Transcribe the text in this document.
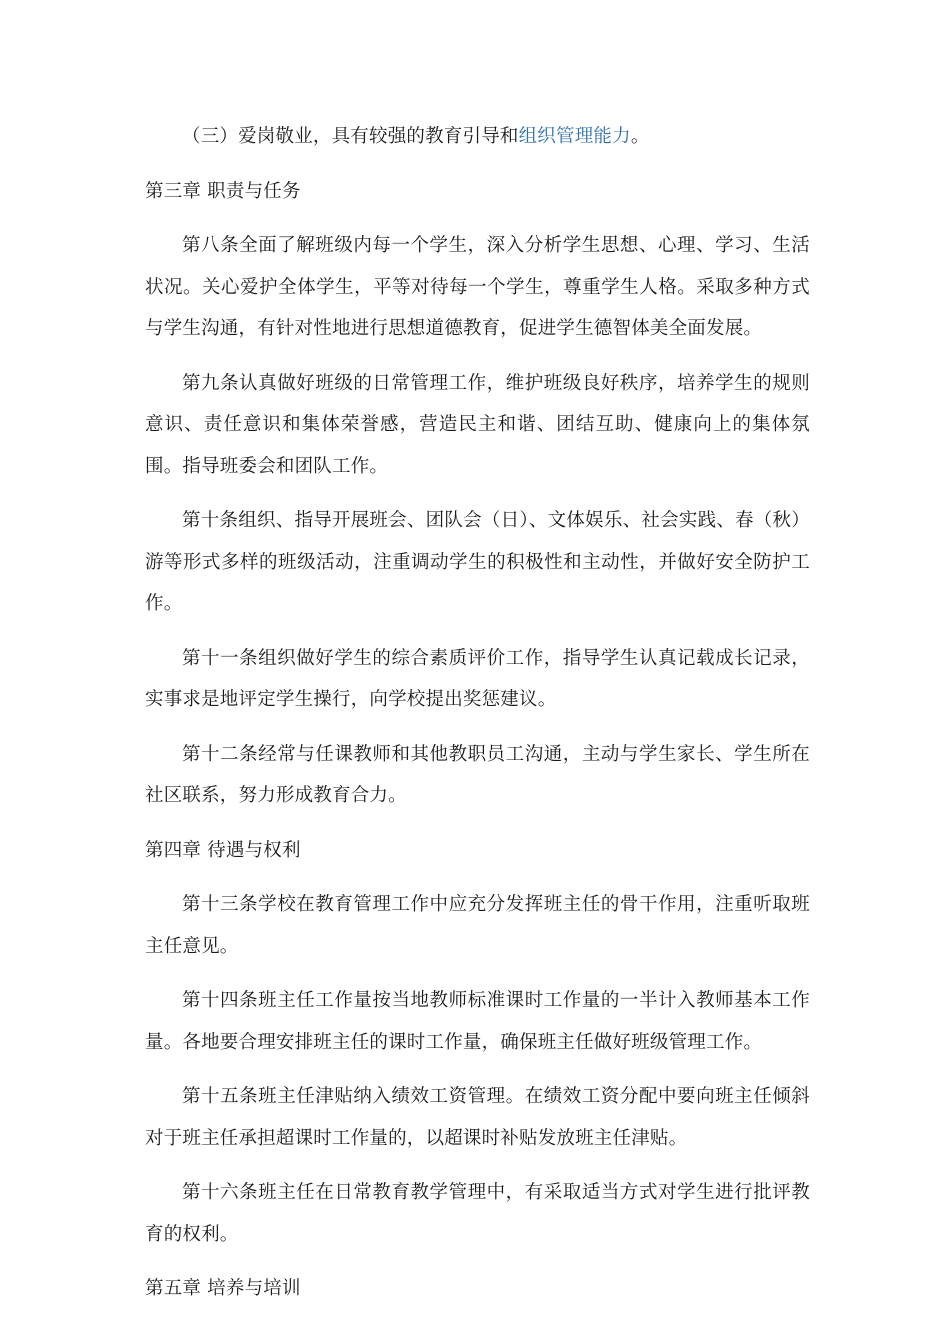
（三）爱岗敬业，具有较强的教育引导和组织管理能力。

第三章 职责与任务

第八条全面了解班级内每一个学生，深入分析学生思想、心理、学习、生活状况。关心爱护全体学生，平等对待每一个学生，尊重学生人格。采取多种方式与学生沟通，有针对性地进行思想道德教育，促进学生德智体美全面发展。

第九条认真做好班级的日常管理工作，维护班级良好秩序，培养学生的规则意识、责任意识和集体荣誉感，营造民主和谐、团结互助、健康向上的集体氛围。指导班委会和团队工作。

第十条组织、指导开展班会、团队会（日）、文体娱乐、社会实践、春（秋）游等形式多样的班级活动，注重调动学生的积极性和主动性，并做好安全防护工作。

第十一条组织做好学生的综合素质评价工作，指导学生认真记载成长记录，实事求是地评定学生操行，向学校提出奖惩建议。

第十二条经常与任课教师和其他教职员工沟通，主动与学生家长、学生所在社区联系，努力形成教育合力。

第四章 待遇与权利

第十三条学校在教育管理工作中应充分发挥班主任的骨干作用，注重听取班主任意见。

第十四条班主任工作量按当地教师标准课时工作量的一半计入教师基本工作量。各地要合理安排班主任的课时工作量，确保班主任做好班级管理工作。

第十五条班主任津贴纳入绩效工资管理。在绩效工资分配中要向班主任倾斜对于班主任承担超课时工作量的，以超课时补贴发放班主任津贴。

第十六条班主任在日常教育教学管理中，有采取适当方式对学生进行批评教育的权利。

第五章 培养与培训
